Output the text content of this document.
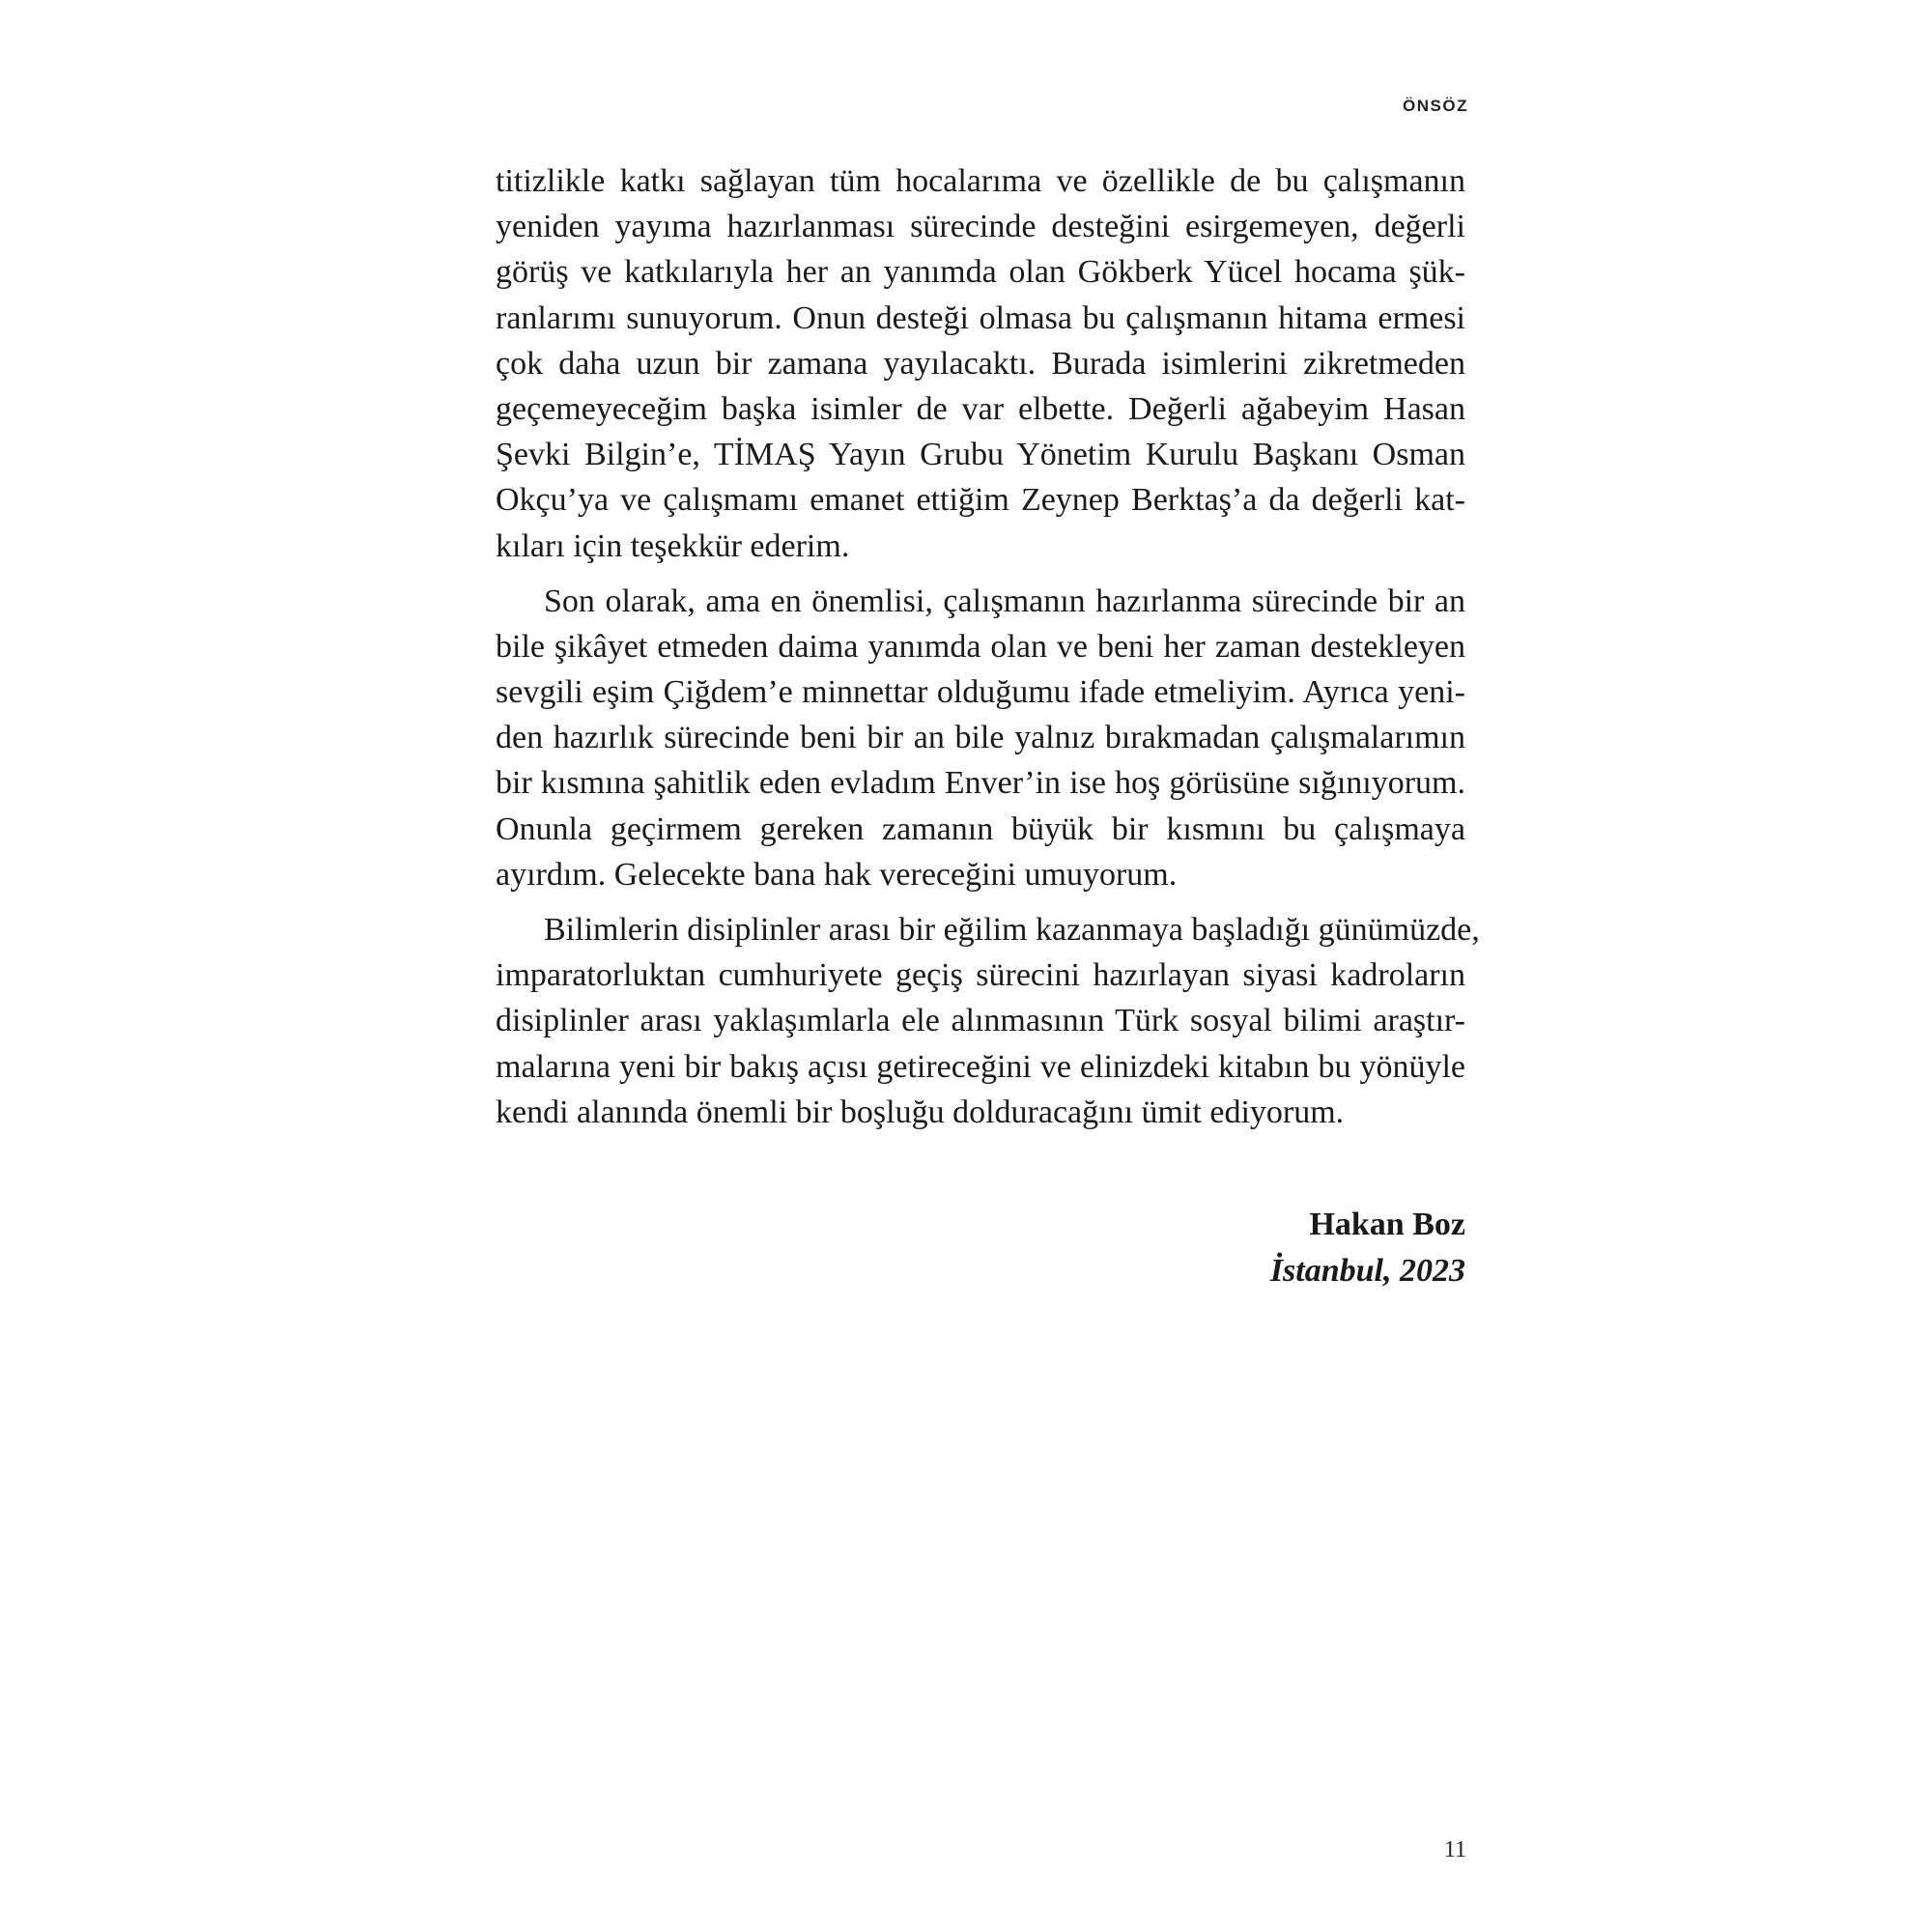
ÖNSÖZ
titizlikle katkı sağlayan tüm hocalarıma ve özellikle de bu çalışmanın
yeniden yayıma hazırlanması sürecinde desteğini esirgemeyen, değerli
görüş ve katkılarıyla her an yanımda olan Gökberk Yücel hocama şük-
ranlarımı sunuyorum. Onun desteği olmasa bu çalışmanın hitama ermesi
çok daha uzun bir zamana yayılacaktı. Burada isimlerini zikretmeden
geçemeyeceğim başka isimler de var elbette. Değerli ağabeyim Hasan
Şevki Bilgin’e, TİMAŞ Yayın Grubu Yönetim Kurulu Başkanı Osman
Okçu’ya ve çalışmamı emanet ettiğim Zeynep Berktaş’a da değerli kat-
kıları için teşekkür ederim.
Son olarak, ama en önemlisi, çalışmanın hazırlanma sürecinde bir an
bile şikâyet etmeden daima yanımda olan ve beni her zaman destekleyen
sevgili eşim Çiğdem’e minnettar olduğumu ifade etmeliyim. Ayrıca yeni-
den hazırlık sürecinde beni bir an bile yalnız bırakmadan çalışmalarımın
bir kısmına şahitlik eden evladım Enver’in ise hoş görüsüne sığınıyorum.
Onunla geçirmem gereken zamanın büyük bir kısmını bu çalışmaya
ayırdım. Gelecekte bana hak vereceğini umuyorum.
Bilimlerin disiplinler arası bir eğilim kazanmaya başladığı günümüzde,
imparatorluktan cumhuriyete geçiş sürecini hazırlayan siyasi kadroların
disiplinler arası yaklaşımlarla ele alınmasının Türk sosyal bilimi araştır-
malarına yeni bir bakış açısı getireceğini ve elinizdeki kitabın bu yönüyle
kendi alanında önemli bir boşluğu dolduracağını ümit ediyorum.
Hakan Boz
İstanbul, 2023
11
